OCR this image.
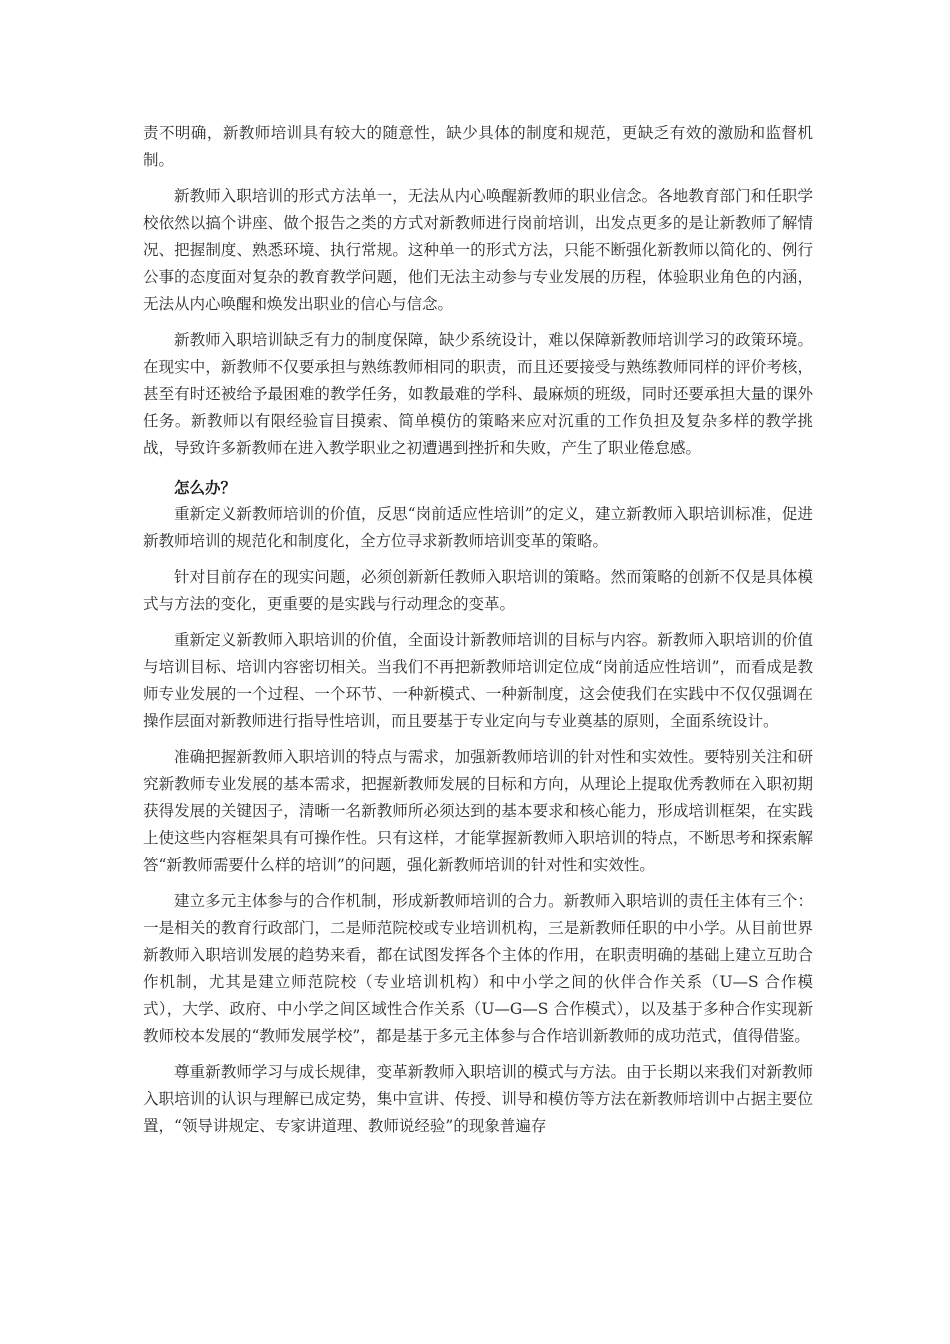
责不明确，新教师培训具有较大的随意性，缺少具体的制度和规范，更缺乏有效的激励和监督机制。

新教师入职培训的形式方法单一，无法从内心唤醒新教师的职业信念。各地教育部门和任职学校依然以搞个讲座、做个报告之类的方式对新教师进行岗前培训，出发点更多的是让新教师了解情况、把握制度、熟悉环境、执行常规。这种单一的形式方法，只能不断强化新教师以简化的、例行公事的态度面对复杂的教育教学问题，他们无法主动参与专业发展的历程，体验职业角色的内涵，无法从内心唤醒和焕发出职业的信心与信念。

新教师入职培训缺乏有力的制度保障，缺少系统设计，难以保障新教师培训学习的政策环境。在现实中，新教师不仅要承担与熟练教师相同的职责，而且还要接受与熟练教师同样的评价考核，甚至有时还被给予最困难的教学任务，如教最难的学科、最麻烦的班级，同时还要承担大量的课外任务。新教师以有限经验盲目摸索、简单模仿的策略来应对沉重的工作负担及复杂多样的教学挑战，导致许多新教师在进入教学职业之初遭遇到挫折和失败，产生了职业倦怠感。

怎么办？

重新定义新教师培训的价值，反思“岗前适应性培训”的定义，建立新教师入职培训标准，促进新教师培训的规范化和制度化，全方位寻求新教师培训变革的策略。

针对目前存在的现实问题，必须创新新任教师入职培训的策略。然而策略的创新不仅是具体模式与方法的变化，更重要的是实践与行动理念的变革。

重新定义新教师入职培训的价值，全面设计新教师培训的目标与内容。新教师入职培训的价值与培训目标、培训内容密切相关。当我们不再把新教师培训定位成“岗前适应性培训”，而看成是教师专业发展的一个过程、一个环节、一种新模式、一种新制度，这会使我们在实践中不仅仅强调在操作层面对新教师进行指导性培训，而且要基于专业定向与专业奠基的原则，全面系统设计。

准确把握新教师入职培训的特点与需求，加强新教师培训的针对性和实效性。要特别关注和研究新教师专业发展的基本需求，把握新教师发展的目标和方向，从理论上提取优秀教师在入职初期获得发展的关键因子，清晰一名新教师所必须达到的基本要求和核心能力，形成培训框架，在实践上使这些内容框架具有可操作性。只有这样，才能掌握新教师入职培训的特点，不断思考和探索解答“新教师需要什么样的培训”的问题，强化新教师培训的针对性和实效性。

建立多元主体参与的合作机制，形成新教师培训的合力。新教师入职培训的责任主体有三个：一是相关的教育行政部门，二是师范院校或专业培训机构，三是新教师任职的中小学。从目前世界新教师入职培训发展的趋势来看，都在试图发挥各个主体的作用，在职责明确的基础上建立互助合作机制，尤其是建立师范院校（专业培训机构）和中小学之间的伙伴合作关系（U—S 合作模式），大学、政府、中小学之间区域性合作关系（U—G—S 合作模式），以及基于多种合作实现新教师校本发展的“教师发展学校”，都是基于多元主体参与合作培训新教师的成功范式，值得借鉴。

尊重新教师学习与成长规律，变革新教师入职培训的模式与方法。由于长期以来我们对新教师入职培训的认识与理解已成定势，集中宣讲、传授、训导和模仿等方法在新教师培训中占据主要位置，“领导讲规定、专家讲道理、教师说经验”的现象普遍存
